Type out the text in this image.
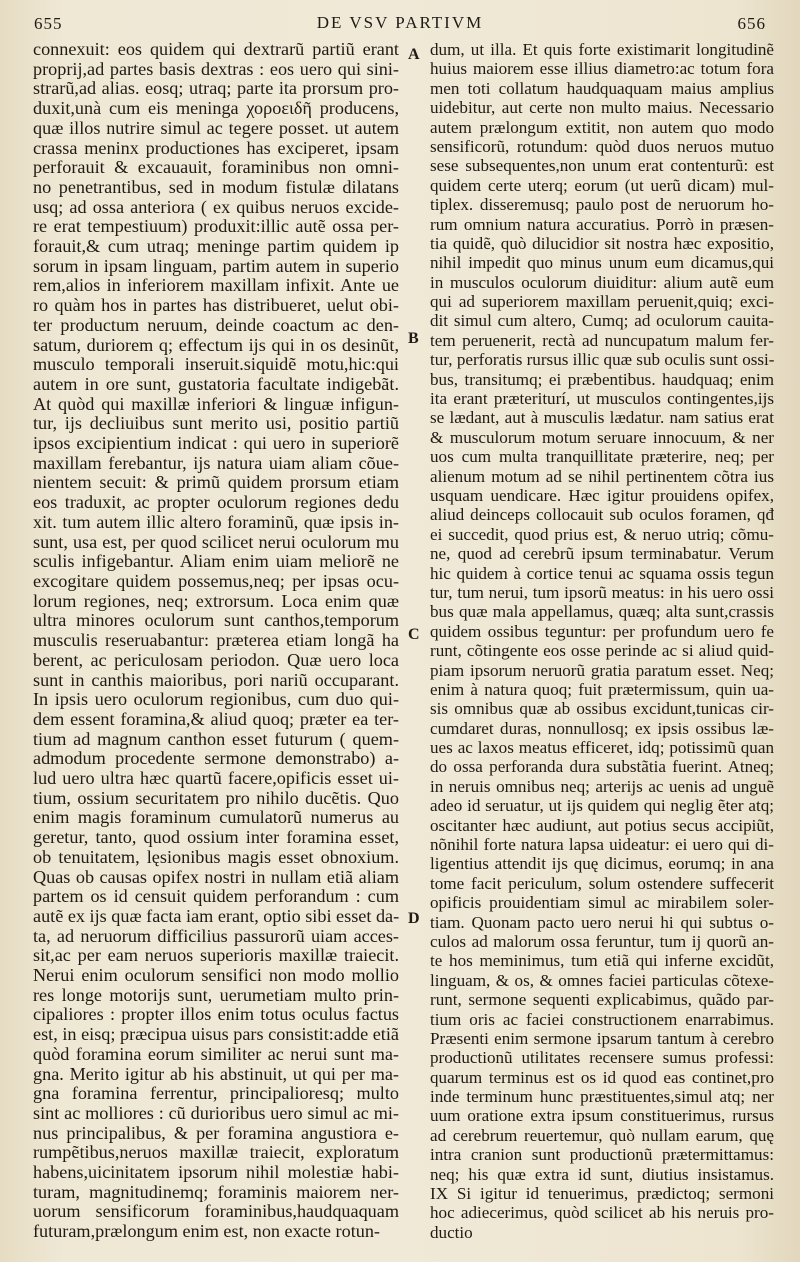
655	DE VSV PARTIVM	656
connexuit: eos quidem qui dextrarũ partiũ erant
proprij,ad partes basis dextras : eos uero qui sini-
strarũ,ad alias. eosq; utraq; parte ita prorsum pro-
duxit,unà cum eis meninga χοροειδῆ producens,
quæ illos nutrire simul ac tegere posset. ut autem
crassa meninx productiones has exciperet, ipsam
perforauit & excauauit, foraminibus non omni-
no penetrantibus, sed in modum fistulæ dilatans
usq; ad ossa anteriora ( ex quibus neruos excide-
re erat tempestiuum) produxit:illic autẽ ossa per-
forauit,& cum utraq; meninge partim quidem ip
sorum in ipsam linguam, partim autem in superio
rem,alios in inferiorem maxillam infixit. Ante ue
ro quàm hos in partes has distribueret, uelut obi-
ter productum neruum, deinde coactum ac den-
satum, duriorem q; effectum ijs qui in os desinũt,
musculo temporali inseruit.siquidẽ motu,hic:qui
autem in ore sunt, gustatoria facultate indigebãt.
At quòd qui maxillæ inferiori & linguæ infigun-
tur, ijs decliuibus sunt merito usi, positio partiũ
ipsos excipientium indicat : qui uero in superiorẽ
maxillam ferebantur, ijs natura uiam aliam cõue-
nientem secuit: & primũ quidem prorsum etiam
eos traduxit, ac propter oculorum regiones dedu
xit. tum autem illic altero foraminũ, quæ ipsis in-
sunt, usa est, per quod scilicet nerui oculorum mu
sculis infigebantur. Aliam enim uiam meliorẽ ne
excogitare quidem possemus,neq; per ipsas ocu-
lorum regiones, neq; extrorsum. Loca enim quæ
ultra minores oculorum sunt canthos,temporum
musculis reseruabantur: præterea etiam longã ha
berent, ac periculosam periodon. Quæ uero loca
sunt in canthis maioribus, pori nariũ occuparant.
In ipsis uero oculorum regionibus, cum duo qui-
dem essent foramina,& aliud quoq; præter ea ter-
tium ad magnum canthon esset futurum ( quem-
admodum procedente sermone demonstrabo) a-
lud uero ultra hæc quartũ facere,opificis esset ui-
tium, ossium securitatem pro nihilo ducẽtis. Quo
enim magis foraminum cumulatorũ numerus au
geretur, tanto, quod ossium inter foramina esset,
ob tenuitatem, lęsionibus magis esset obnoxium.
Quas ob causas opifex nostri in nullam etiã aliam
partem os id censuit quidem perforandum : cum
autẽ ex ijs quæ facta iam erant, optio sibi esset da-
ta, ad neruorum difficilius passurorũ uiam acces-
sit,ac per eam neruos superioris maxillæ traiecit.
Nerui enim oculorum sensifici non modo mollio
res longe motorijs sunt, uerumetiam multo prin-
cipaliores : propter illos enim totus oculus factus
est, in eisq; præcipua uisus pars consistit:adde etiã
quòd foramina eorum similiter ac nerui sunt ma-
gna. Merito igitur ab his abstinuit, ut qui per ma-
gna foramina ferrentur, principalioresq; multo
sint ac molliores : cũ durioribus uero simul ac mi-
nus principalibus, & per foramina angustiora e-
rumpẽtibus,neruos maxillæ traiecit, exploratum
habens,uicinitatem ipsorum nihil molestiæ habi-
turam, magnitudinemq; foraminis maiorem ner-
uorum sensificorum foraminibus,haudquaquam
futuram,prælongum enim est, non exacte rotun-
dum, ut illa. Et quis forte existimarit longitudinẽ
huius maiorem esse illius diametro:ac totum fora
men toti collatum haudquaquam maius amplius
uidebitur, aut certe non multo maius. Necessario
autem prælongum extitit, non autem quo modo
sensificorũ, rotundum: quòd duos neruos mutuo
sese subsequentes,non unum erat contenturũ: est
quidem certe uterq; eorum (ut uerũ dicam) mul-
tiplex. disseremusq; paulo post de neruorum ho-
rum omnium natura accuratius. Porrò in præsen-
tia quidẽ, quò dilucidior sit nostra hæc expositio,
nihil impedit quo minus unum eum dicamus,qui
in musculos oculorum diuiditur: alium autẽ eum
qui ad superiorem maxillam peruenit,quiq; exci-
dit simul cum altero, Cumq; ad oculorum cauita-
tem peruenerit, rectà ad nuncupatum malum fer-
tur, perforatis rursus illic quæ sub oculis sunt ossi-
bus, transitumq; ei præbentibus. haudquaq; enim
ita erant præteriturí, ut musculos contingentes,ijs
se lædant, aut à musculis lædatur. nam satius erat
& musculorum motum seruare innocuum, & ner
uos cum multa tranquillitate præterire, neq; per
alienum motum ad se nihil pertinentem cõtra ius
usquam uendicare. Hæc igitur prouidens opifex,
aliud deinceps collocauit sub oculos foramen, qđ
ei succedit, quod prius est, & neruo utriq; cõmu-
ne, quod ad cerebrũ ipsum terminabatur. Verum
hic quidem à cortice tenui ac squama ossis tegun
tur, tum nerui, tum ipsorũ meatus: in his uero ossi
bus quæ mala appellamus, quæq; alta sunt,crassis
quidem ossibus teguntur: per profundum uero fe
runt, cõtingente eos osse perinde ac si aliud quid-
piam ipsorum neruorũ gratia paratum esset. Neq;
enim à natura quoq; fuit prætermissum, quin ua-
sis omnibus quæ ab ossibus excidunt,tunicas cir-
cumdaret duras, nonnullosq; ex ipsis ossibus læ-
ues ac laxos meatus efficeret, idq; potissimũ quan
do ossa perforanda dura substãtia fuerint. Atneq;
in neruis omnibus neq; arterijs ac uenis ad unguẽ
adeo id seruatur, ut ijs quidem qui neglig ẽter atq;
oscitanter hæc audiunt, aut potius secus accipiũt,
nõnihil forte natura lapsa uideatur: ei uero qui di-
ligentius attendit ijs quę dicimus, eorumq; in ana
tome facit periculum, solum ostendere suffecerit
opificis prouidentiam simul ac mirabilem soler-
tiam. Quonam pacto uero nerui hi qui subtus o-
culos ad malorum ossa feruntur, tum ij quorũ an-
te hos meminimus, tum etiã qui inferne excidũt,
linguam, & os, & omnes faciei particulas cõtexe-
runt, sermone sequenti explicabimus, quãdo par-
tium oris ac faciei constructionem enarrabimus.
Præsenti enim sermone ipsarum tantum à cerebro
productionũ utilitates recensere sumus professi:
quarum terminus est os id quod eas continet,pro
inde terminum hunc præstituentes,simul atq; ner
uum oratione extra ipsum constituerimus, rursus
ad cerebrum reuertemur, quò nullam earum, quę
intra cranion sunt productionũ prætermittamus:
neq; his quæ extra id sunt, diutius insistamus.
IX Si igitur id tenuerimus, prædictoq; sermoni
hoc adiecerimus, quòd scilicet ab his neruis pro-
ductio
A
B
C
D
